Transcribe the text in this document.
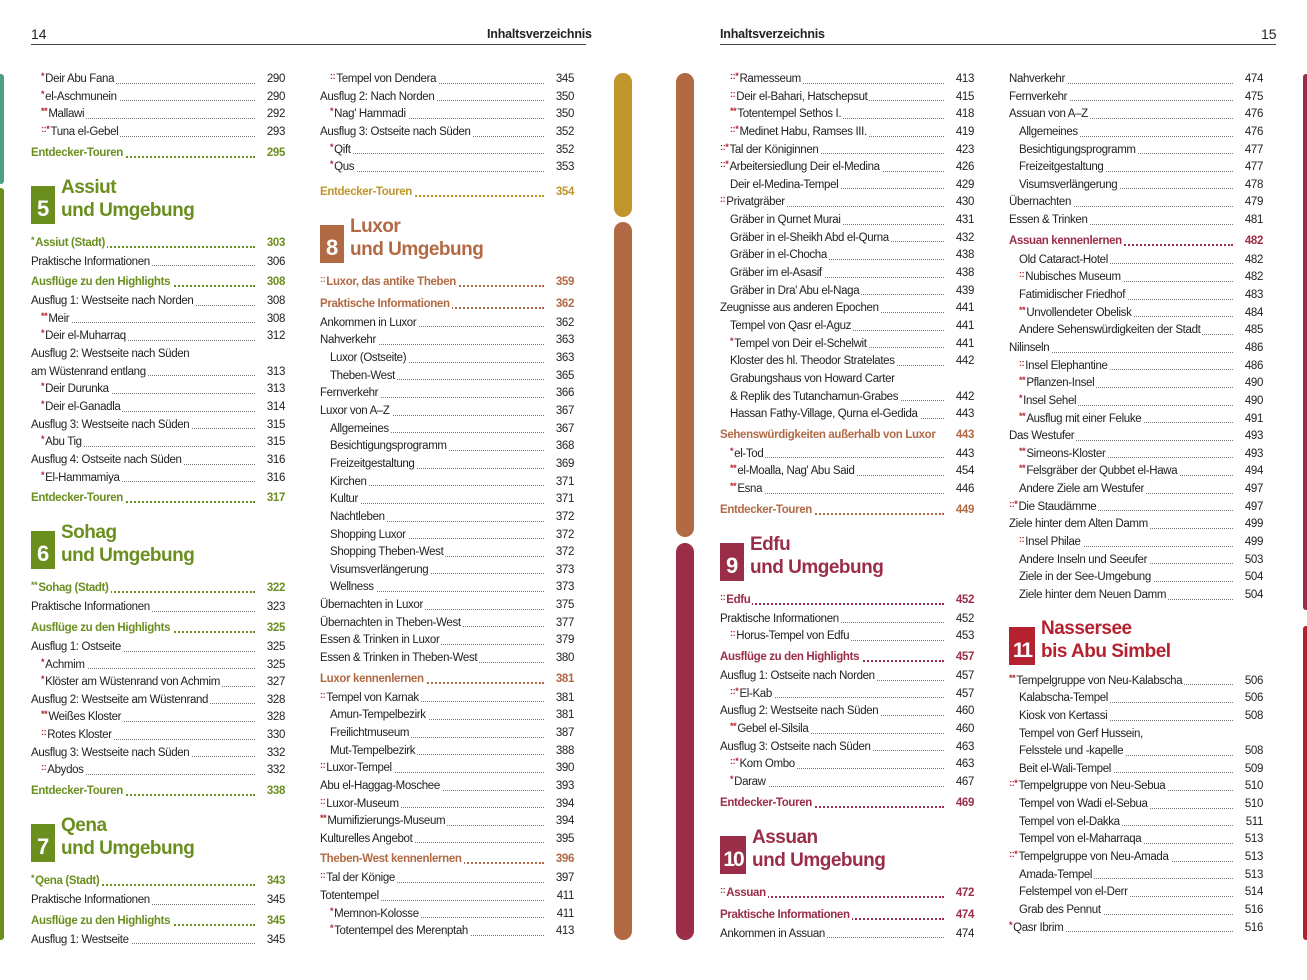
14	Inhaltsverzeichnis	Inhaltsverzeichnis	15
*Deir Abu Fana	290
*el-Aschmunein	290
**Mallawi	292
::*Tuna el-Gebel	293
Entdecker-Touren	295
5
Assiut
und Umgebung
*Assiut (Stadt)	303
Praktische Informationen	306
Ausflüge zu den Highlights	308
Ausflug 1: Westseite nach Norden	308
**Meir	308
*Deir el-Muharraq	312
Ausflug 2: Westseite nach Süden
am Wüstenrand entlang	313
*Deir Durunka	313
*Deir el-Ganadla	314
Ausflug 3: Westseite nach Süden	315
*Abu Tig	315
Ausflug 4: Ostseite nach Süden	316
*El-Hammamiya	316
Entdecker-Touren	317
6
Sohag
und Umgebung
**Sohag (Stadt)	322
Praktische Informationen	323
Ausflüge zu den Highlights	325
Ausflug 1: Ostseite	325
*Achmim	325
*Klöster am Wüstenrand von Achmim	327
Ausflug 2: Westseite am Wüstenrand	328
**Weißes Kloster	328
::Rotes Kloster	330
Ausflug 3: Westseite nach Süden	332
::Abydos	332
Entdecker-Touren	338
7
Qena
und Umgebung
*Qena (Stadt)	343
Praktische Informationen	345
Ausflüge zu den Highlights	345
Ausflug 1: Westseite	345
::Tempel von Dendera	345
Ausflug 2: Nach Norden	350
*Nag' Hammadi	350
Ausflug 3: Ostseite nach Süden	352
*Qift	352
*Qus	353
Entdecker-Touren	354
8
Luxor
und Umgebung
::Luxor, das antike Theben	359
Praktische Informationen	362
Ankommen in Luxor	362
Nahverkehr	363
Luxor (Ostseite)	363
Theben-West	365
Fernverkehr	366
Luxor von A–Z	367
Allgemeines	367
Besichtigungsprogramm	368
Freizeitgestaltung	369
Kirchen	371
Kultur	371
Nachtleben	372
Shopping Luxor	372
Shopping Theben-West	372
Visumsverlängerung	373
Wellness	373
Übernachten in Luxor	375
Übernachten in Theben-West	377
Essen & Trinken in Luxor	379
Essen & Trinken in Theben-West	380
Luxor kennenlernen	381
::Tempel von Karnak	381
Amun-Tempelbezirk	381
Freilichtmuseum	387
Mut-Tempelbezirk	388
::Luxor-Tempel	390
Abu el-Haggag-Moschee	393
::Luxor-Museum	394
**Mumifizierungs-Museum	394
Kulturelles Angebot	395
Theben-West kennenlernen	396
::Tal der Könige	397
Totentempel	411
*Memnon-Kolosse	411
*Totentempel des Merenptah	413
::*Ramesseum	413
::Deir el-Bahari, Hatschepsut	415
**Totentempel Sethos I.	418
::*Medinet Habu, Ramses III.	419
::*Tal der Königinnen	423
::*Arbeitersiedlung Deir el-Medina	426
Deir el-Medina-Tempel	429
::Privatgräber	430
Gräber in Qurnet Murai	431
Gräber in el-Sheikh Abd el-Qurna	432
Gräber in el-Chocha	438
Gräber im el-Asasif	438
Gräber in Dra' Abu el-Naga	439
Zeugnisse aus anderen Epochen	441
Tempel von Qasr el-Aguz	441
*Tempel von Deir el-Schelwit	441
Kloster des hl. Theodor Stratelates	442
Grabungshaus von Howard Carter
& Replik des Tutanchamun-Grabes	442
Hassan Fathy-Village, Qurna el-Gedida	443
Sehenswürdigkeiten außerhalb von Luxor	443
*el-Tod	443
**el-Moalla, Nag' Abu Said	454
**Esna	446
Entdecker-Touren	449
9
Edfu
und Umgebung
::Edfu	452
Praktische Informationen	452
::Horus-Tempel von Edfu	453
Ausflüge zu den Highlights	457
Ausflug 1: Ostseite nach Norden	457
::*El-Kab	457
Ausflug 2: Westseite nach Süden	460
**Gebel el-Silsila	460
Ausflug 3: Ostseite nach Süden	463
::*Kom Ombo	463
*Daraw	467
Entdecker-Touren	469
10
Assuan
und Umgebung
::Assuan	472
Praktische Informationen	474
Ankommen in Assuan	474
Nahverkehr	474
Fernverkehr	475
Assuan von A–Z	476
Allgemeines	476
Besichtigungsprogramm	477
Freizeitgestaltung	477
Visumsverlängerung	478
Übernachten	479
Essen & Trinken	481
Assuan kennenlernen	482
Old Cataract-Hotel	482
::Nubisches Museum	482
Fatimidischer Friedhof	483
**Unvollendeter Obelisk	484
Andere Sehenswürdigkeiten der Stadt	485
Nilinseln	486
::Insel Elephantine	486
**Pflanzen-Insel	490
*Insel Sehel	490
**Ausflug mit einer Feluke	491
Das Westufer	493
**Simeons-Kloster	493
**Felsgräber der Qubbet el-Hawa	494
Andere Ziele am Westufer	497
::*Die Staudämme	497
Ziele hinter dem Alten Damm	499
::Insel Philae	499
Andere Inseln und Seeufer	503
Ziele in der See-Umgebung	504
Ziele hinter dem Neuen Damm	504
11
Nassersee
bis Abu Simbel
**Tempelgruppe von Neu-Kalabscha	506
Kalabscha-Tempel	506
Kiosk von Kertassi	508
Tempel von Gerf Hussein,
Felsstele und -kapelle	508
Beit el-Wali-Tempel	509
::*Tempelgruppe von Neu-Sebua	510
Tempel von Wadi el-Sebua	510
Tempel von el-Dakka	511
Tempel von el-Maharraqa	513
::*Tempelgruppe von Neu-Amada	513
Amada-Tempel	513
Felstempel von el-Derr	514
Grab des Pennut	516
*Qasr Ibrim	516
